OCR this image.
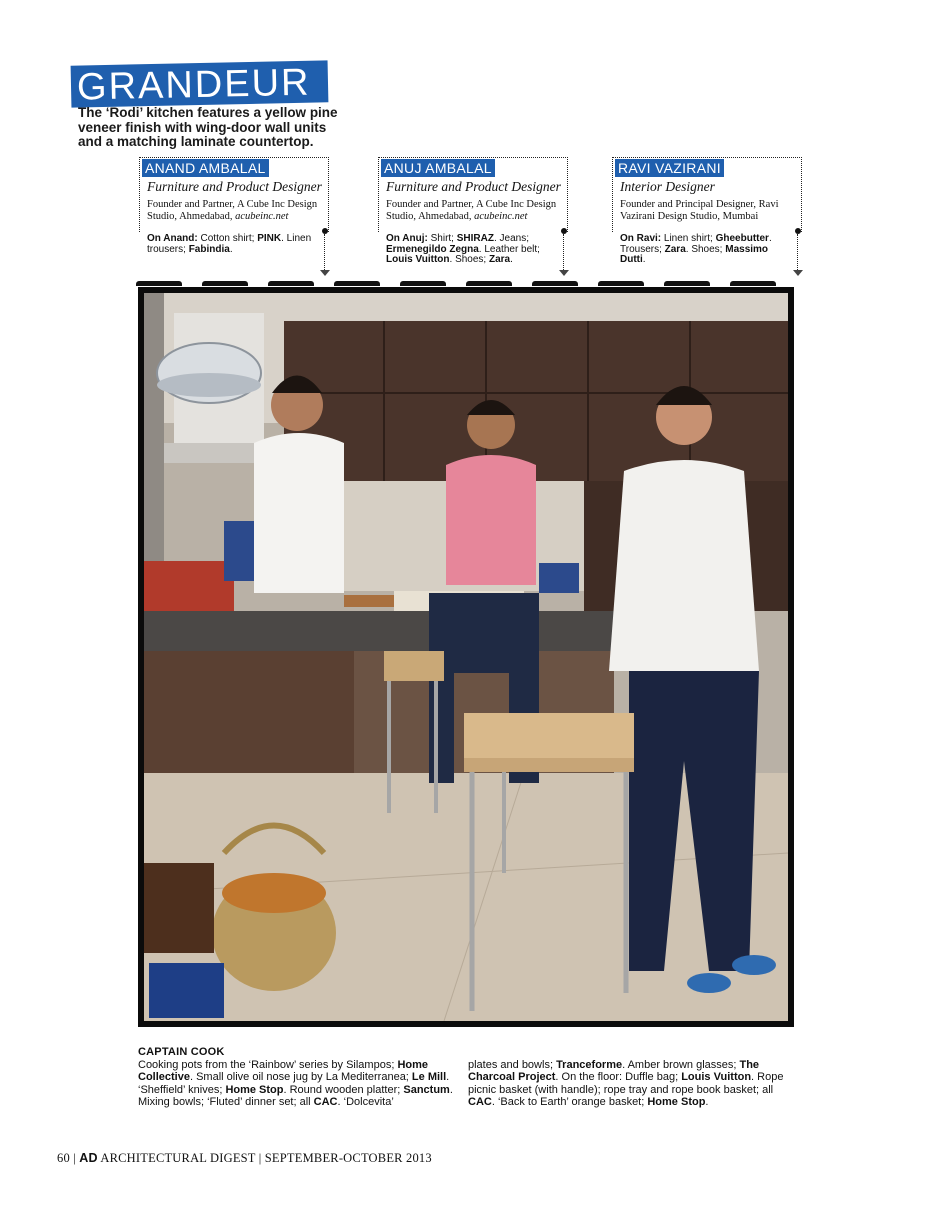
GRANDEUR
The ‘Rodi’ kitchen features a yellow pine veneer finish with wing-door wall units and a matching laminate countertop.
ANAND AMBALAL
Furniture and Product Designer
Founder and Partner, A Cube Inc Design Studio, Ahmedabad, acubeinc.net
On Anand: Cotton shirt; PINK. Linen trousers; Fabindia.
ANUJ AMBALAL
Furniture and Product Designer
Founder and Partner, A Cube Inc Design Studio, Ahmedabad, acubeinc.net
On Anuj: Shirt; SHIRAZ. Jeans; Ermenegildo Zegna. Leather belt; Louis Vuitton. Shoes; Zara.
RAVI VAZIRANI
Interior Designer
Founder and Principal Designer, Ravi Vazirani Design Studio, Mumbai
On Ravi: Linen shirt; Gheebutter. Trousers; Zara. Shoes; Massimo Dutti.
CAPTAIN COOK
Cooking pots from the ‘Rainbow’ series by Silampos; Home Collective. Small olive oil nose jug by La Mediterranea; Le Mill. ‘Sheffield’ knives; Home Stop. Round wooden platter; Sanctum. Mixing bowls; ‘Fluted’ dinner set; all CAC. ‘Dolcevita’
plates and bowls; Tranceforme. Amber brown glasses; The Charcoal Project. On the floor: Duffle bag; Louis Vuitton. Rope picnic basket (with handle); rope tray and rope book basket; all CAC. ‘Back to Earth’ orange basket; Home Stop.
60 | AD ARCHITECTURAL DIGEST | SEPTEMBER-OCTOBER 2013
